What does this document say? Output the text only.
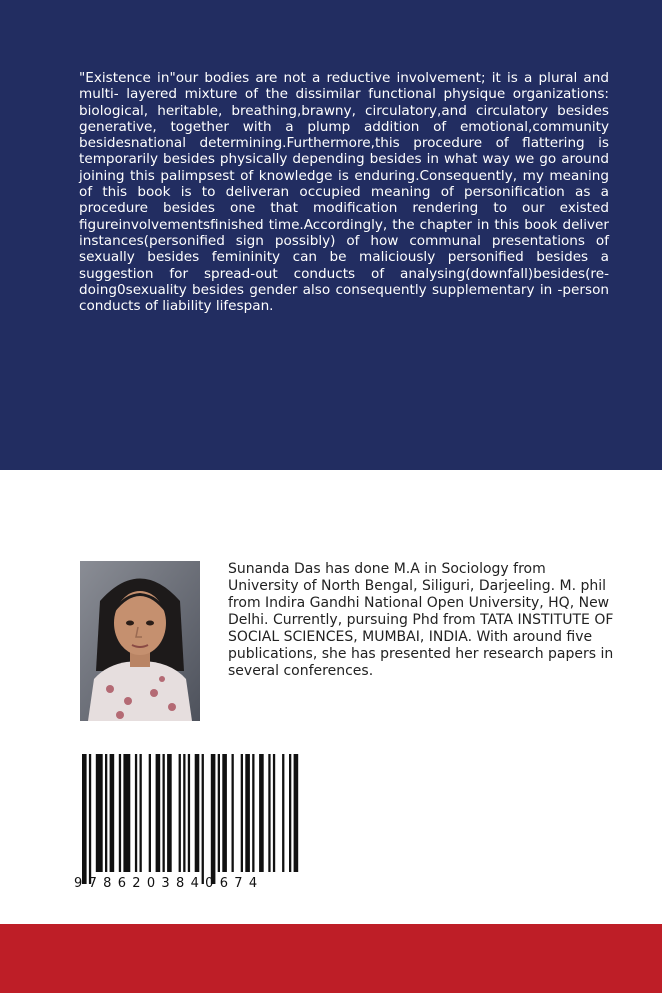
"Existence in"our bodies are not a reductive involvement; it is a plural and multi- layered mixture of the dissimilar functional physique organizations: biological, heritable, breathing,brawny, circulatory,and circulatory besides generative, together with a plump addition of emotional,community besidesnational determining.Furthermore,this procedure of flattering is temporarily besides physically depending besides in what way we go around joining this palimpsest of knowledge is enduring.Consequently, my meaning of this book is to deliveran occupied meaning of personification as a procedure besides one that modification rendering to our existed figureinvolvementsfinished time.Accordingly, the chapter in this book deliver instances(personified sign possibly) of how communal presentations of sexually besides femininity can be maliciously personified besides a suggestion for spread-out conducts of analysing(downfall)besides(re-doing0sexuality besides gender also consequently supplementary in -person conducts of liability lifespan.

Sunanda Das has done M.A in Sociology from University of North Bengal, Siliguri, Darjeeling. M. phil from Indira Gandhi National Open University, HQ, New Delhi. Currently, pursuing Phd from TATA INSTITUTE OF SOCIAL SCIENCES, MUMBAI, INDIA. With around five publications, she has presented her research papers in several conferences.

9786203840674
